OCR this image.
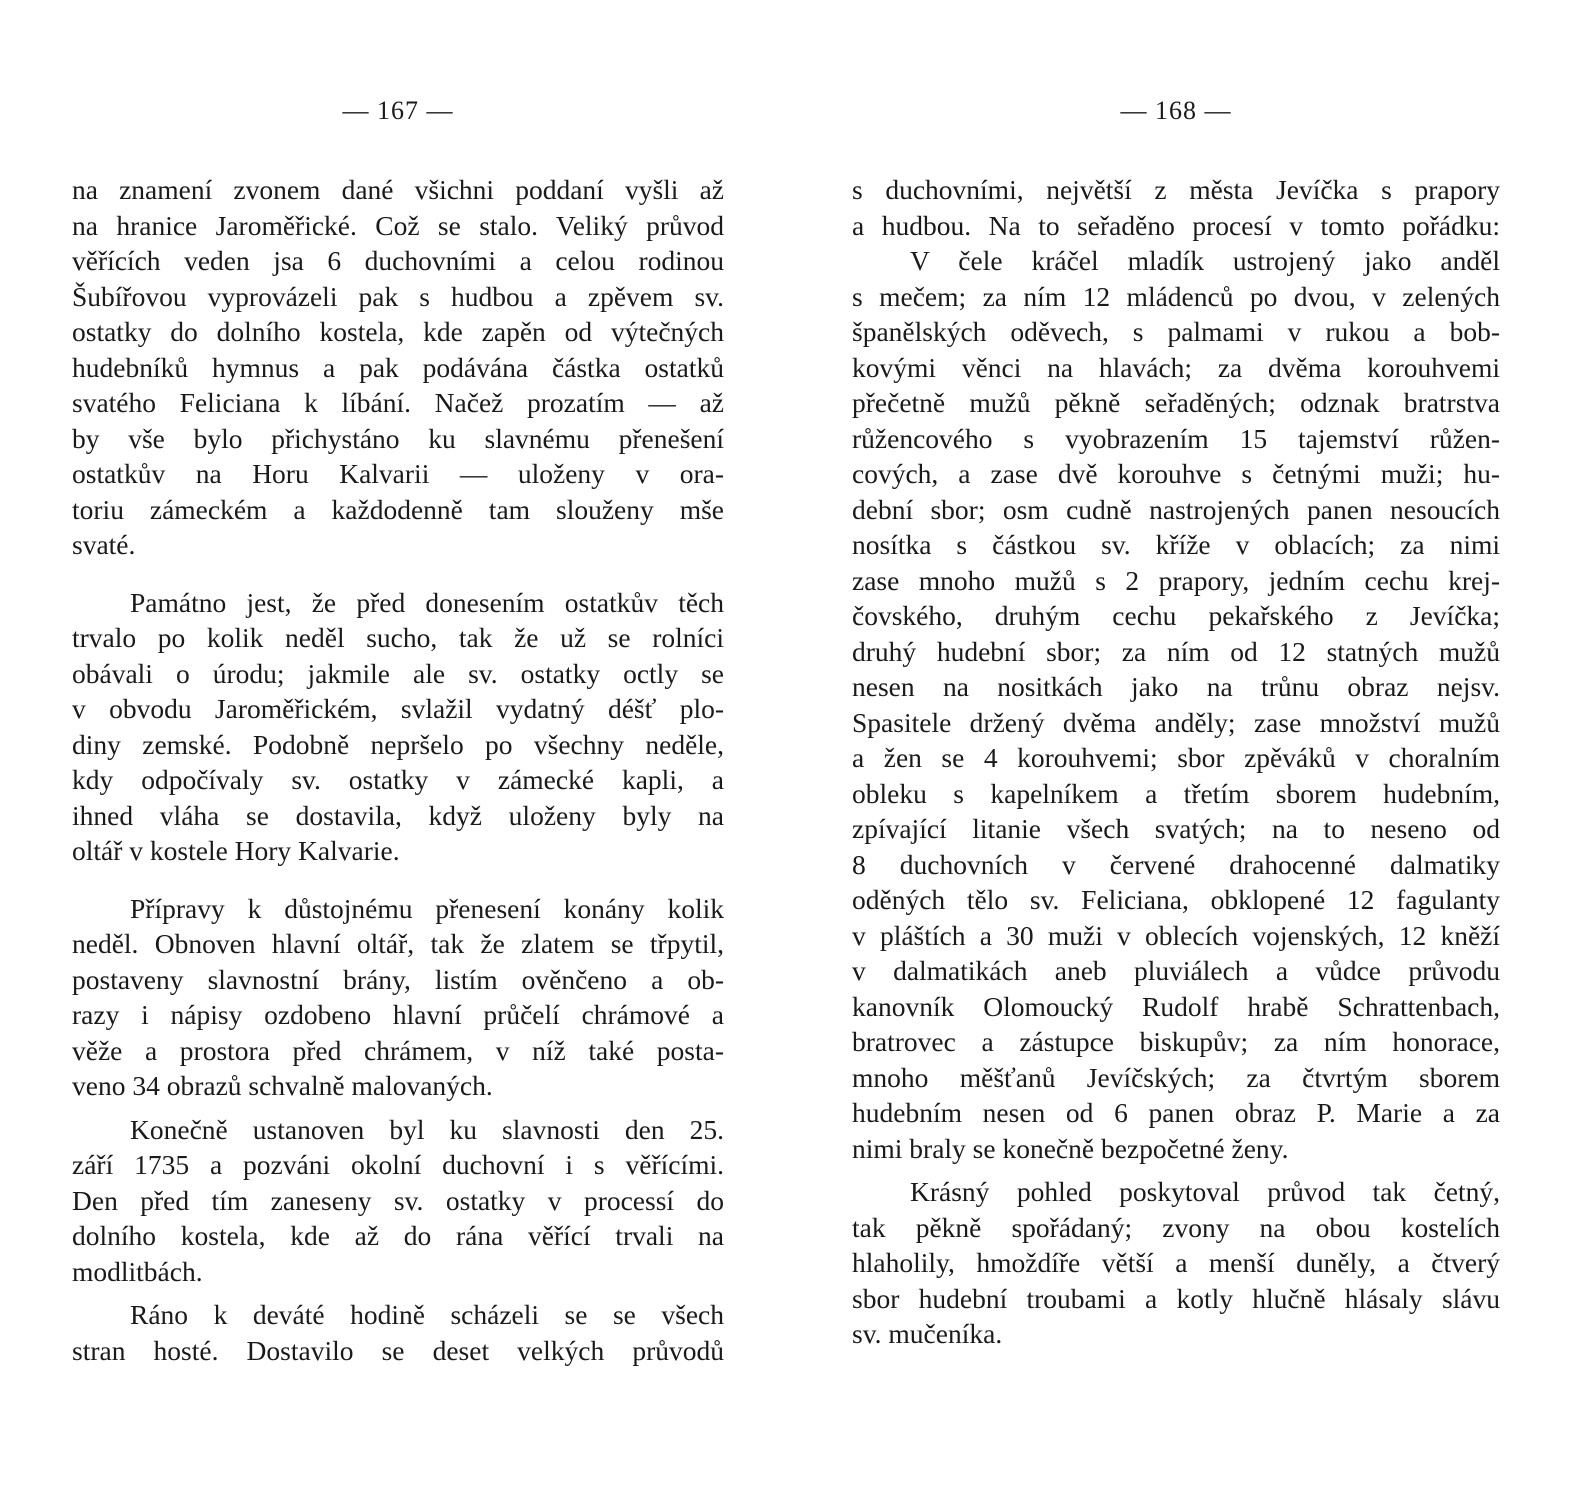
— 167 —
na znamení zvonem dané všichni poddaní vyšli až
na hranice Jaroměřické. Což se stalo. Veliký průvod
věřících veden jsa 6 duchovními a celou rodinou
Šubířovou vyprovázeli pak s hudbou a zpěvem sv.
ostatky do dolního kostela, kde zapěn od výtečných
hudebníků hymnus a pak podávána částka ostatků
svatého Feliciana k líbání. Načež prozatím — až
by vše bylo přichystáno ku slavnému přenešení
ostatkův na Horu Kalvarii — uloženy v ora-
toriu zámeckém a každodenně tam slouženy mše
svaté.
Památno jest, že před donesením ostatkův těch
trvalo po kolik neděl sucho, tak že už se rolníci
obávali o úrodu; jakmile ale sv. ostatky octly se
v obvodu Jaroměřickém, svlažil vydatný déšť plo-
diny zemské. Podobně nepršelo po všechny neděle,
kdy odpočívaly sv. ostatky v zámecké kapli, a
ihned vláha se dostavila, když uloženy byly na
oltář v kostele Hory Kalvarie.
Přípravy k důstojnému přenesení konány kolik
neděl. Obnoven hlavní oltář, tak že zlatem se třpytil,
postaveny slavnostní brány, listím ověnčeno a ob-
razy i nápisy ozdobeno hlavní průčelí chrámové a
věže a prostora před chrámem, v níž také posta-
veno 34 obrazů schvalně malovaných.
Konečně ustanoven byl ku slavnosti den 25.
září 1735 a pozváni okolní duchovní i s věřícími.
Den před tím zaneseny sv. ostatky v processí do
dolního kostela, kde až do rána věřící trvali na
modlitbách.
Ráno k deváté hodině scházeli se se všech
stran hosté. Dostavilo se deset velkých průvodů
— 168 —
s duchovními, největší z města Jevíčka s prapory
a hudbou. Na to seřaděno procesí v tomto pořádku:
V čele kráčel mladík ustrojený jako anděl
s mečem; za ním 12 mládenců po dvou, v zelených
španělských oděvech, s palmami v rukou a bob-
kovými věnci na hlavách; za dvěma korouhvemi
přečetně mužů pěkně seřaděných; odznak bratrstva
růžencového s vyobrazením 15 tajemství růžen-
cových, a zase dvě korouhve s četnými muži; hu-
dební sbor; osm cudně nastrojených panen nesoucích
nosítka s částkou sv. kříže v oblacích; za nimi
zase mnoho mužů s 2 prapory, jedním cechu krej-
čovského, druhým cechu pekařského z Jevíčka;
druhý hudební sbor; za ním od 12 statných mužů
nesen na nositkách jako na trůnu obraz nejsv.
Spasitele držený dvěma anděly; zase množství mužů
a žen se 4 korouhvemi; sbor zpěváků v choralním
obleku s kapelníkem a třetím sborem hudebním,
zpívající litanie všech svatých; na to neseno od
8 duchovních v červené drahocenné dalmatiky
oděných tělo sv. Feliciana, obklopené 12 fagulanty
v pláštích a 30 muži v oblecích vojenských, 12 kněží
v dalmatikách aneb pluviálech a vůdce průvodu
kanovník Olomoucký Rudolf hrabě Schrattenbach,
bratrovec a zástupce biskupův; za ním honorace,
mnoho měšťanů Jevíčských; za čtvrtým sborem
hudebním nesen od 6 panen obraz P. Marie a za
nimi braly se konečně bezpočetné ženy.
Krásný pohled poskytoval průvod tak četný,
tak pěkně spořádaný; zvony na obou kostelích
hlaholily, hmoždíře větší a menší duněly, a čtverý
sbor hudební troubami a kotly hlučně hlásaly slávu
sv. mučeníka.
